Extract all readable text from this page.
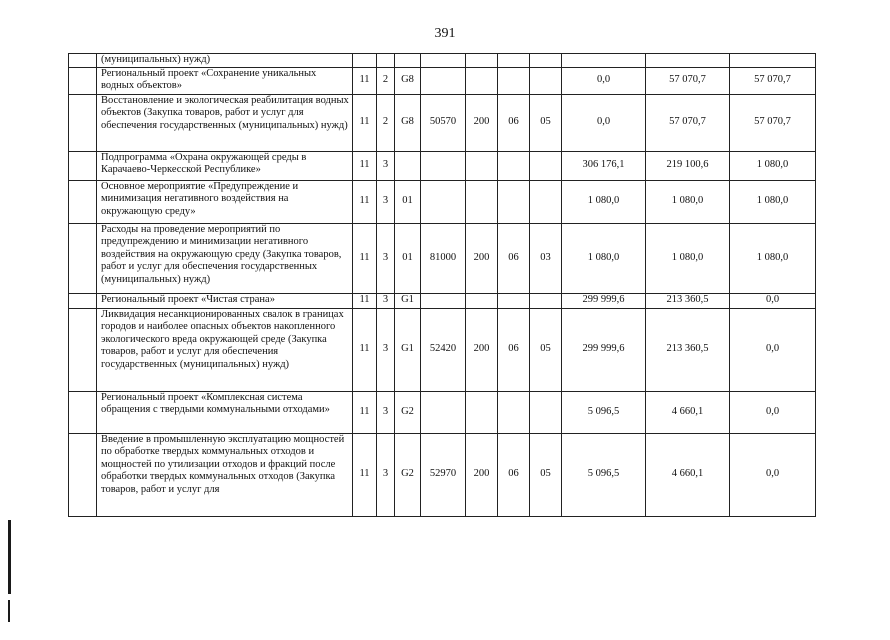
391
	(муниципальных) нужд)										
	Региональный проект «Сохранение уникальных водных объектов»	11	2	G8					0,0	57 070,7	57 070,7
	Восстановление и экологическая реабилитация водных объектов (Закупка товаров, работ и услуг для обеспечения государственных (муниципальных) нужд)	11	2	G8	50570	200	06	05	0,0	57 070,7	57 070,7
	Подпрограмма «Охрана окружающей среды в Карачаево-Черкесской Республике»	11	3						306 176,1	219 100,6	1 080,0
	Основное мероприятие «Предупреждение и минимизация негативного воздействия на окружающую среду»	11	3	01					1 080,0	1 080,0	1 080,0
	Расходы на проведение мероприятий по предупреждению и минимизации негативного воздействия на окружающую среду (Закупка товаров, работ и услуг для обеспечения государственных (муниципальных) нужд)	11	3	01	81000	200	06	03	1 080,0	1 080,0	1 080,0
	Региональный проект «Чистая страна»	11	3	G1					299 999,6	213 360,5	0,0
	Ликвидация несанкционированных свалок в границах городов и наиболее опасных объектов накопленного экологического вреда окружающей среде (Закупка товаров, работ и услуг для обеспечения государственных (муниципальных) нужд)	11	3	G1	52420	200	06	05	299 999,6	213 360,5	0,0
	Региональный проект «Комплексная система обращения с твердыми коммунальными отходами»	11	3	G2					5 096,5	4 660,1	0,0
	Введение в промышленную эксплуатацию мощностей по обработке твердых коммунальных отходов и мощностей по утилизации отходов и фракций после обработки твердых коммунальных отходов (Закупка товаров, работ и услуг для	11	3	G2	52970	200	06	05	5 096,5	4 660,1	0,0
